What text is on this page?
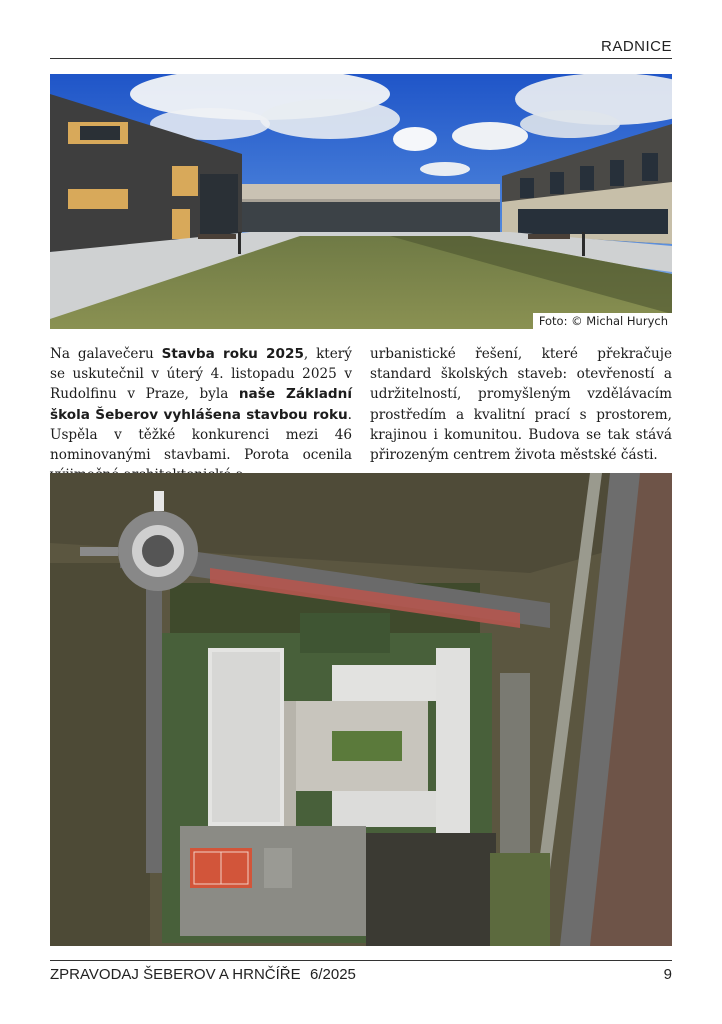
RADNICE
Foto: © Michal Hurych
Na galavečeru Stavba roku 2025, který se uskutečnil v úterý 4. listopadu 2025 v Rudolfinu v Praze, byla naše Základní škola Šeberov vyhlášena stavbou roku. Uspěla v těžké konkurenci mezi 46 nominovanými stavbami. Porota ocenila
urbanistické řešení, které překračuje standard školských staveb: otevřeností a udržitelností, promyšleným vzdělávacím prostředím a kvalitní prací s prostorem, krajinou i komunitou. Budova se tak stává přirozeným centrem života městské části.
ZPRAVODAJ ŠEBEROV A HRNČÍŘE 6/2025	9
